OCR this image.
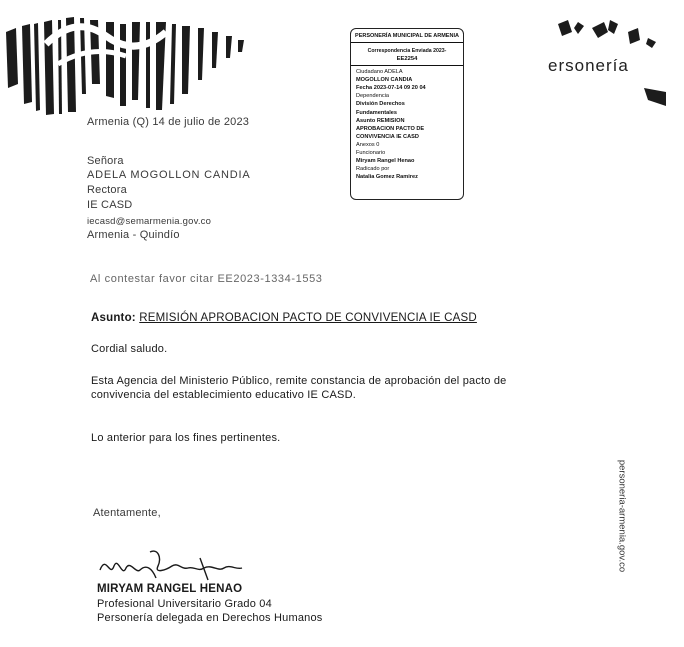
ersonería
PERSONERÍA MUNICIPAL DE ARMENIA
Correspondencia Enviada 2023-
EE2254
Ciudadano ADELA
MOGOLLON CANDIA
Fecha 2023-07-14 09 20 04
Dependencia
División Derechos
Fundamentales
Asunto REMISION
APROBACION PACTO DE
CONVIVENCIA IE CASD
Anexos 0
Funcionario
Miryam Rangel Henao
Radicado por
Natalia Gomez Ramirez
Armenia (Q) 14 de julio de 2023
Señora
ADELA MOGOLLON CANDIA
Rectora
IE CASD
iecasd@semarmenia.gov.co
Armenia - Quindío
Al contestar favor citar EE2023-1334-1553
Asunto: REMISIÓN APROBACION PACTO DE CONVIVENCIA IE CASD
Cordial saludo.
Esta Agencia del Ministerio Público, remite constancia de aprobación del pacto de
convivencia del establecimiento educativo IE CASD.
Lo anterior para los fines pertinentes.
Atentamente,
MIRYAM RANGEL HENAO
Profesional Universitario Grado 04
Personería delegada en Derechos Humanos
personeria-armenia.gov.co
